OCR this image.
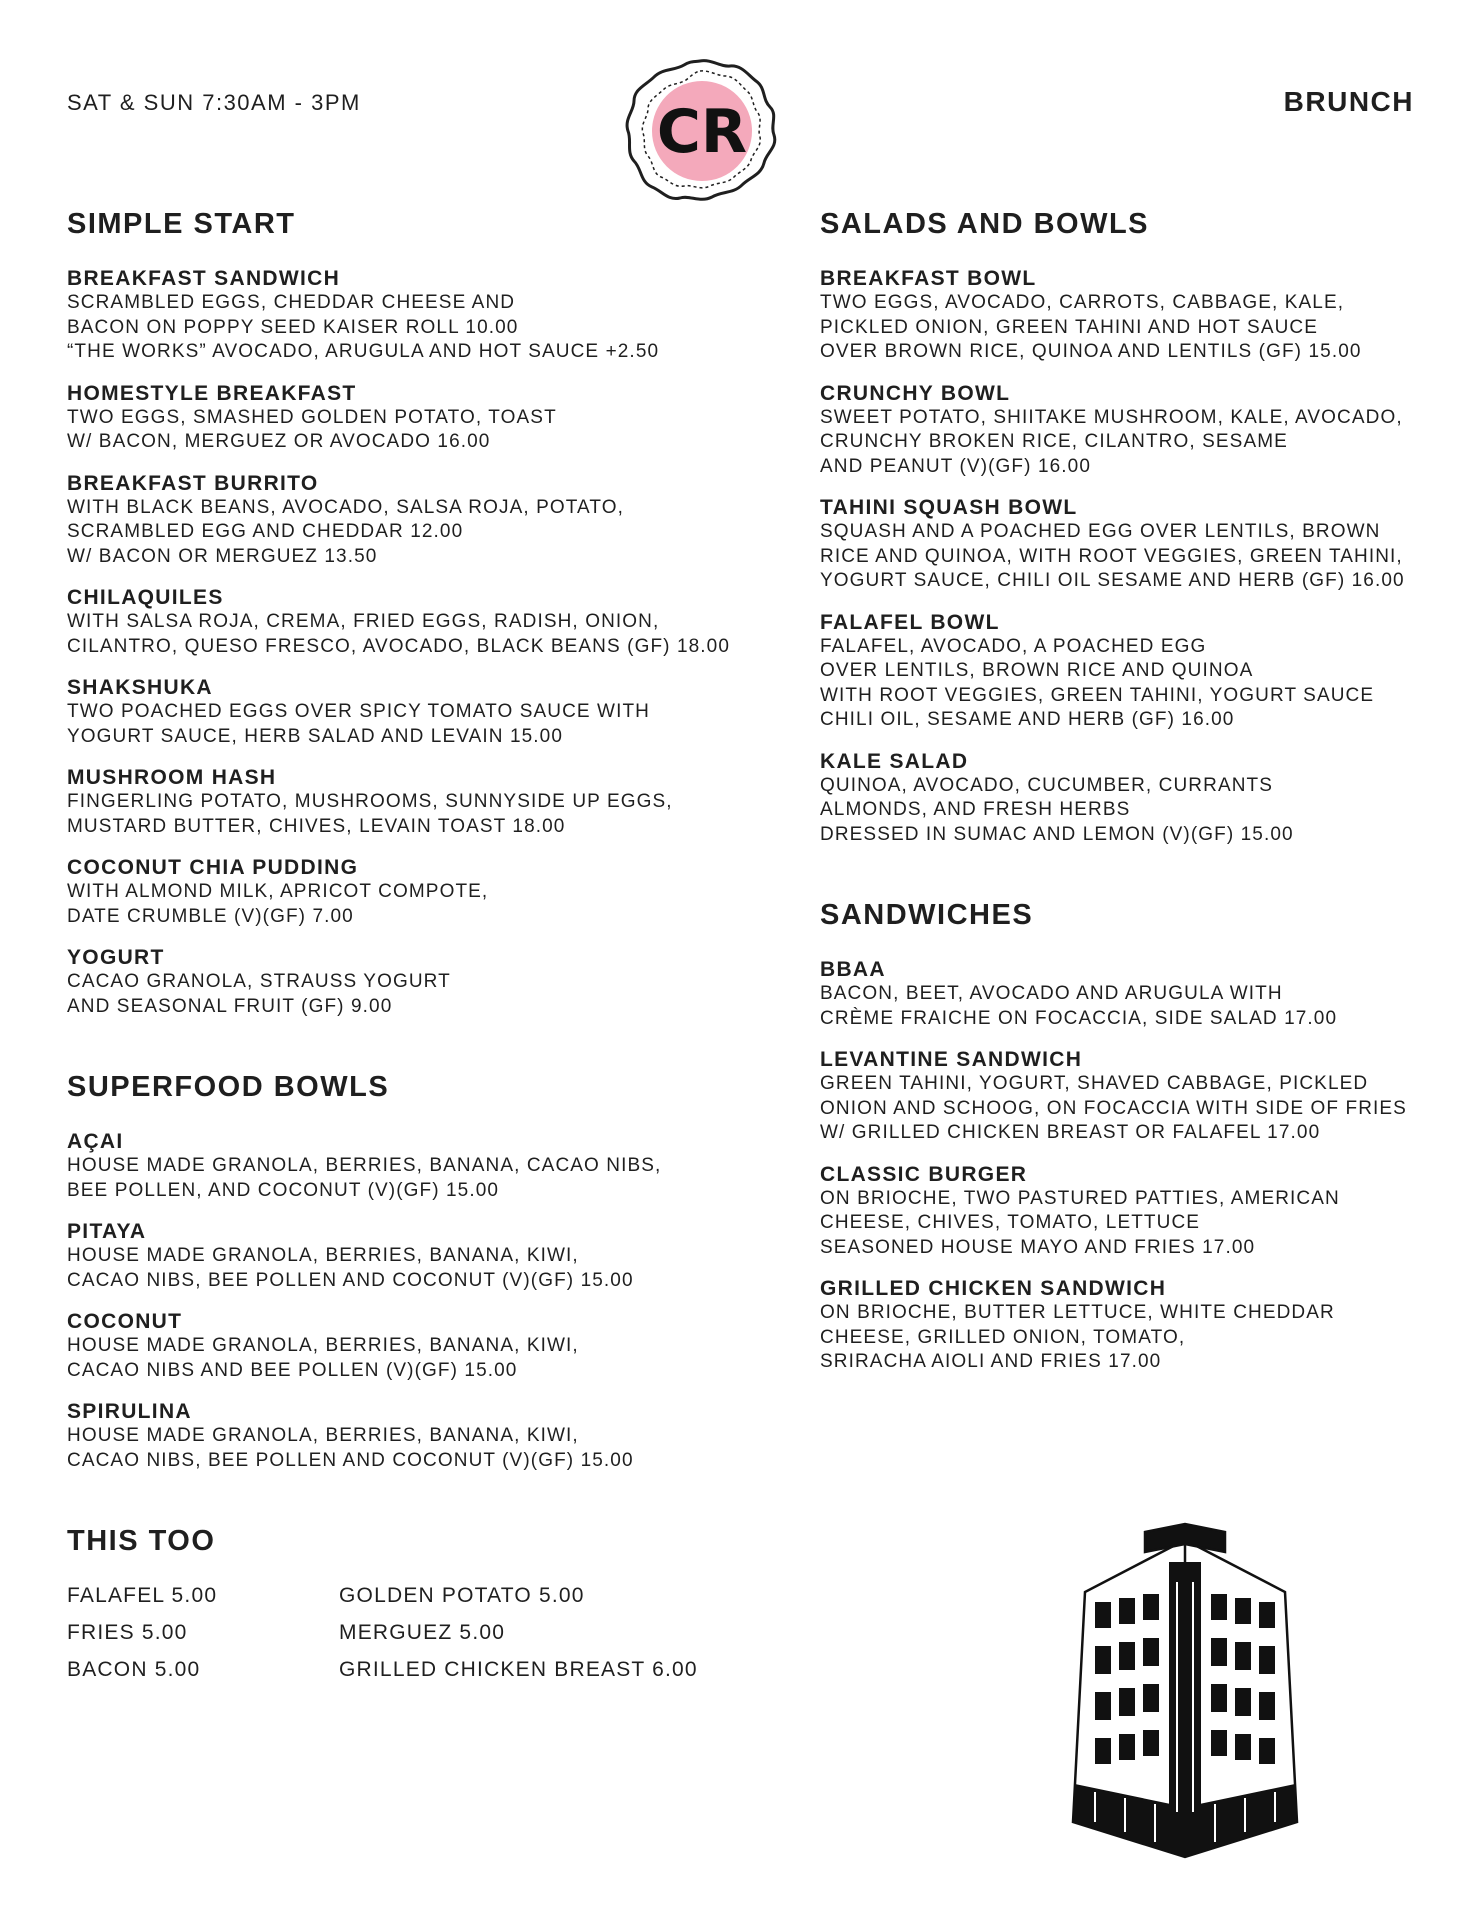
SAT & SUN 7:30AM - 3PM	CR	BRUNCH
SIMPLE START
BREAKFAST SANDWICH
SCRAMBLED EGGS, CHEDDAR CHEESE AND
BACON ON POPPY SEED KAISER ROLL 10.00
“THE WORKS” AVOCADO, ARUGULA AND HOT SAUCE +2.50
HOMESTYLE BREAKFAST
TWO EGGS, SMASHED GOLDEN POTATO, TOAST
W/ BACON, MERGUEZ OR AVOCADO 16.00
BREAKFAST BURRITO
WITH BLACK BEANS, AVOCADO, SALSA ROJA, POTATO,
SCRAMBLED EGG AND CHEDDAR 12.00
W/ BACON OR MERGUEZ 13.50
CHILAQUILES
WITH SALSA ROJA, CREMA, FRIED EGGS, RADISH, ONION,
CILANTRO, QUESO FRESCO, AVOCADO, BLACK BEANS (GF) 18.00
SHAKSHUKA
TWO POACHED EGGS OVER SPICY TOMATO SAUCE WITH
YOGURT SAUCE, HERB SALAD AND LEVAIN 15.00
MUSHROOM HASH
FINGERLING POTATO, MUSHROOMS, SUNNYSIDE UP EGGS,
MUSTARD BUTTER, CHIVES, LEVAIN TOAST 18.00
COCONUT CHIA PUDDING
WITH ALMOND MILK, APRICOT COMPOTE,
DATE CRUMBLE (V)(GF) 7.00
YOGURT
CACAO GRANOLA, STRAUSS YOGURT
AND SEASONAL FRUIT (GF) 9.00
SUPERFOOD BOWLS
AÇAI
HOUSE MADE GRANOLA, BERRIES, BANANA, CACAO NIBS,
BEE POLLEN, AND COCONUT (V)(GF) 15.00
PITAYA
HOUSE MADE GRANOLA, BERRIES, BANANA, KIWI,
CACAO NIBS, BEE POLLEN AND COCONUT (V)(GF) 15.00
COCONUT
HOUSE MADE GRANOLA, BERRIES, BANANA, KIWI,
CACAO NIBS AND BEE POLLEN (V)(GF) 15.00
SPIRULINA
HOUSE MADE GRANOLA, BERRIES, BANANA, KIWI,
CACAO NIBS, BEE POLLEN AND COCONUT (V)(GF) 15.00
THIS TOO
FALAFEL 5.00	GOLDEN POTATO 5.00
FRIES 5.00	MERGUEZ 5.00
BACON 5.00	GRILLED CHICKEN BREAST 6.00
SALADS AND BOWLS
BREAKFAST BOWL
TWO EGGS, AVOCADO, CARROTS, CABBAGE, KALE,
PICKLED ONION, GREEN TAHINI AND HOT SAUCE
OVER BROWN RICE, QUINOA AND LENTILS (GF) 15.00
CRUNCHY BOWL
SWEET POTATO, SHIITAKE MUSHROOM, KALE, AVOCADO,
CRUNCHY BROKEN RICE, CILANTRO, SESAME
AND PEANUT (V)(GF) 16.00
TAHINI SQUASH BOWL
SQUASH AND A POACHED EGG OVER LENTILS, BROWN
RICE AND QUINOA, WITH ROOT VEGGIES, GREEN TAHINI,
YOGURT SAUCE, CHILI OIL SESAME AND HERB (GF) 16.00
FALAFEL BOWL
FALAFEL, AVOCADO, A POACHED EGG
OVER LENTILS, BROWN RICE AND QUINOA
WITH ROOT VEGGIES, GREEN TAHINI, YOGURT SAUCE
CHILI OIL, SESAME AND HERB (GF) 16.00
KALE SALAD
QUINOA, AVOCADO, CUCUMBER, CURRANTS
ALMONDS, AND FRESH HERBS
DRESSED IN SUMAC AND LEMON (V)(GF) 15.00
SANDWICHES
BBAA
BACON, BEET, AVOCADO AND ARUGULA WITH
CRÈME FRAICHE ON FOCACCIA, SIDE SALAD 17.00
LEVANTINE SANDWICH
GREEN TAHINI, YOGURT, SHAVED CABBAGE, PICKLED
ONION AND SCHOOG, ON FOCACCIA WITH SIDE OF FRIES
W/ GRILLED CHICKEN BREAST OR FALAFEL 17.00
CLASSIC BURGER
ON BRIOCHE, TWO PASTURED PATTIES, AMERICAN
CHEESE, CHIVES, TOMATO, LETTUCE
SEASONED HOUSE MAYO AND FRIES 17.00
GRILLED CHICKEN SANDWICH
ON BRIOCHE, BUTTER LETTUCE, WHITE CHEDDAR
CHEESE, GRILLED ONION, TOMATO,
SRIRACHA AIOLI AND FRIES 17.00
